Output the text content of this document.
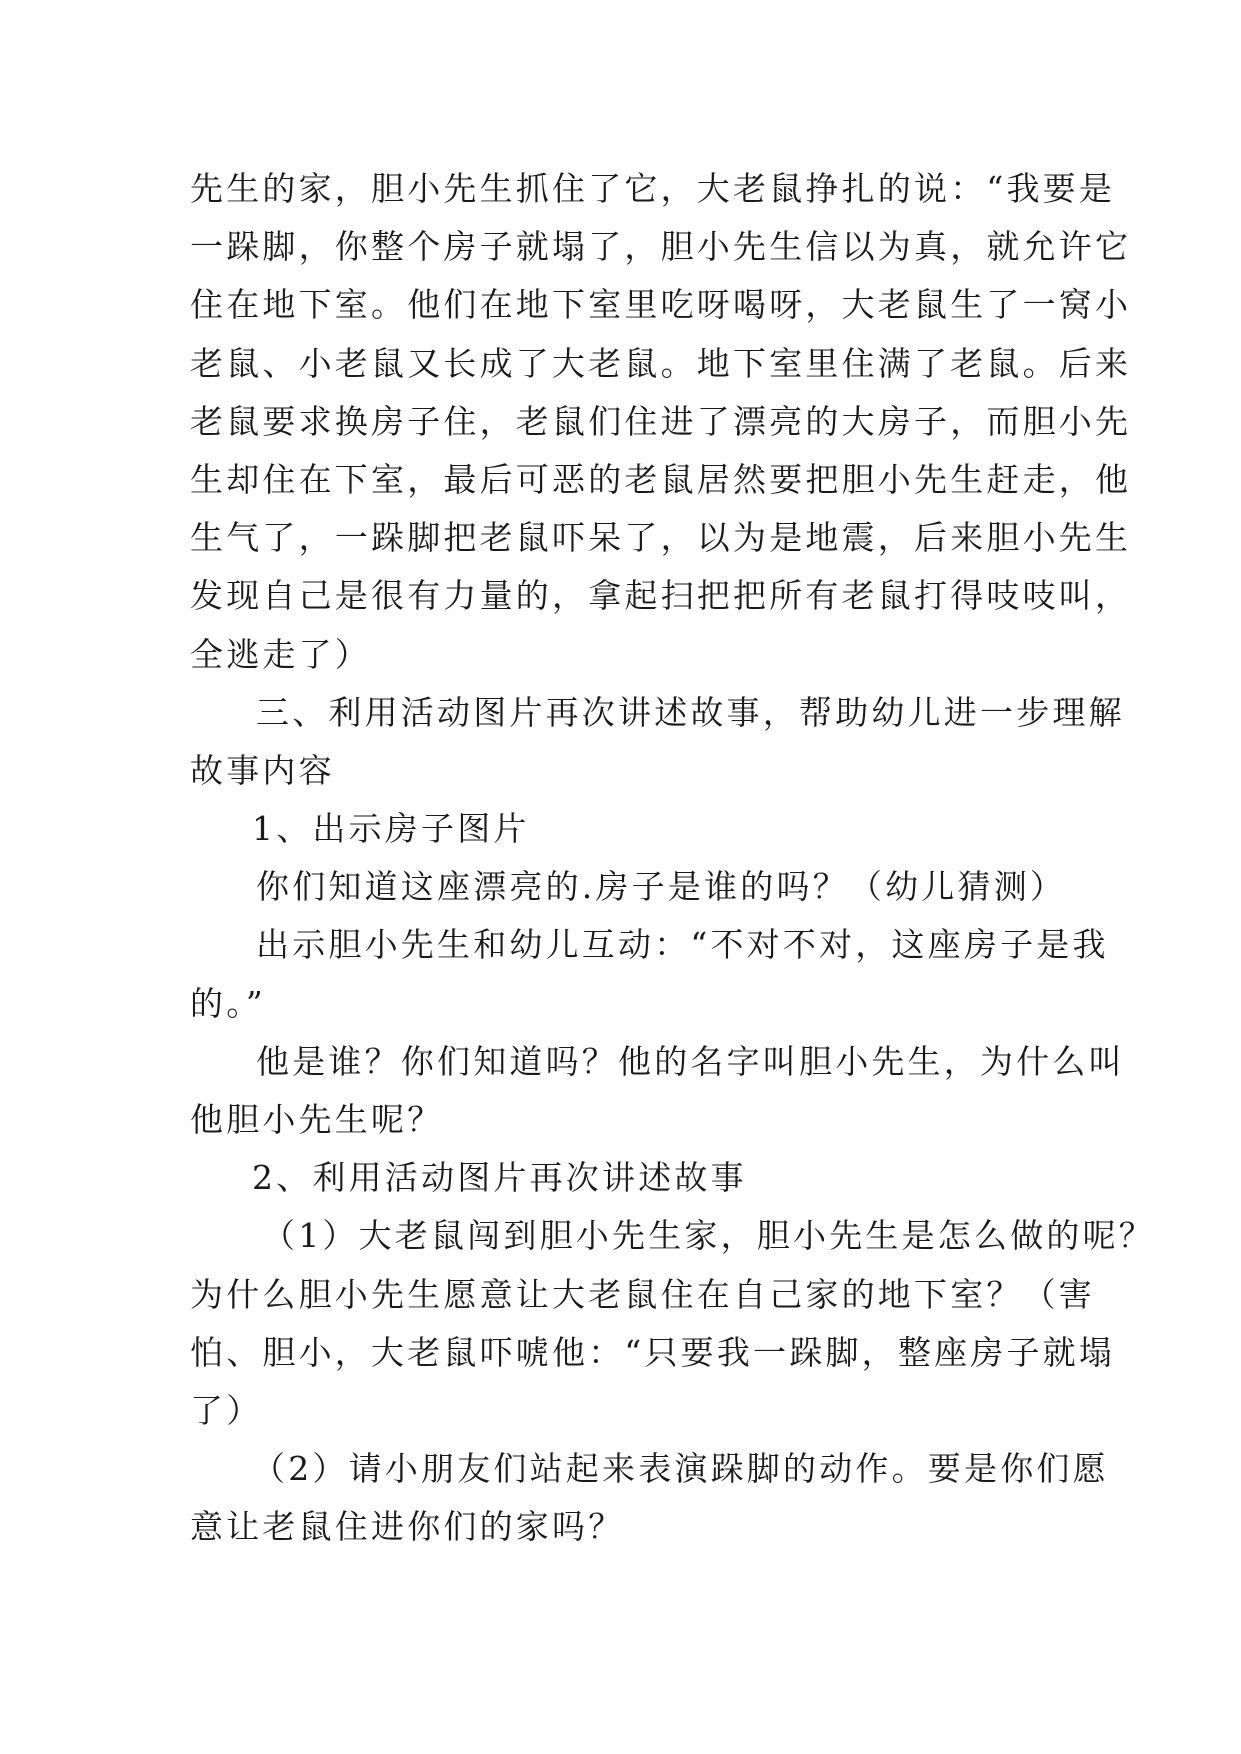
先生的家，胆小先生抓住了它，大老鼠挣扎的说：“我要是
一跺脚，你整个房子就塌了，胆小先生信以为真，就允许它
住在地下室。他们在地下室里吃呀喝呀，大老鼠生了一窝小
老鼠、小老鼠又长成了大老鼠。地下室里住满了老鼠。后来
老鼠要求换房子住，老鼠们住进了漂亮的大房子，而胆小先
生却住在下室，最后可恶的老鼠居然要把胆小先生赶走，他
生气了，一跺脚把老鼠吓呆了，以为是地震，后来胆小先生
发现自己是很有力量的，拿起扫把把所有老鼠打得吱吱叫，
全逃走了）
三、利用活动图片再次讲述故事，帮助幼儿进一步理解
故事内容
1、出示房子图片
你们知道这座漂亮的.房子是谁的吗？（幼儿猜测）
出示胆小先生和幼儿互动：“不对不对，这座房子是我
的。”
他是谁？你们知道吗？他的名字叫胆小先生，为什么叫
他胆小先生呢？
2、利用活动图片再次讲述故事
（1）大老鼠闯到胆小先生家，胆小先生是怎么做的呢？
为什么胆小先生愿意让大老鼠住在自己家的地下室？（害
怕、胆小，大老鼠吓唬他：“只要我一跺脚，整座房子就塌
了）
（2）请小朋友们站起来表演跺脚的动作。要是你们愿
意让老鼠住进你们的家吗？
